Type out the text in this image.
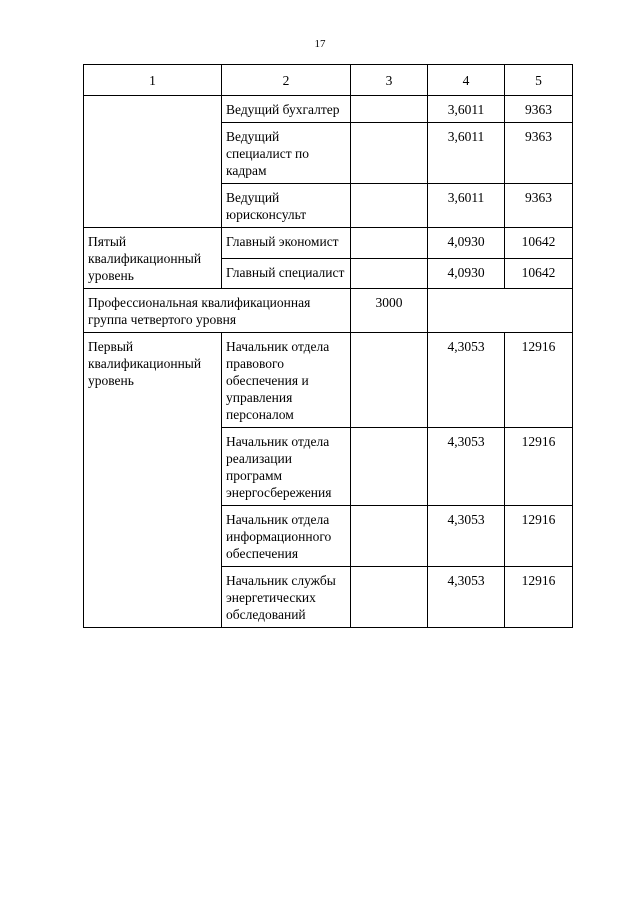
17
1	2	3	4	5
	Ведущий бухгалтер		3,6011	9363
	Ведущий специалист по кадрам		3,6011	9363
	Ведущий юрисконсульт		3,6011	9363
Пятый квалификационный уровень	Главный экономист		4,0930	10642
	Главный специалист		4,0930	10642
Профессиональная квалификационная группа четвертого уровня		3000		
Первый квалификационный уровень	Начальник отдела правового обеспечения и управления персоналом		4,3053	12916
	Начальник отдела реализации программ энергосбережения		4,3053	12916
	Начальник отдела информационного обеспечения		4,3053	12916
	Начальник службы энергетических обследований		4,3053	12916
